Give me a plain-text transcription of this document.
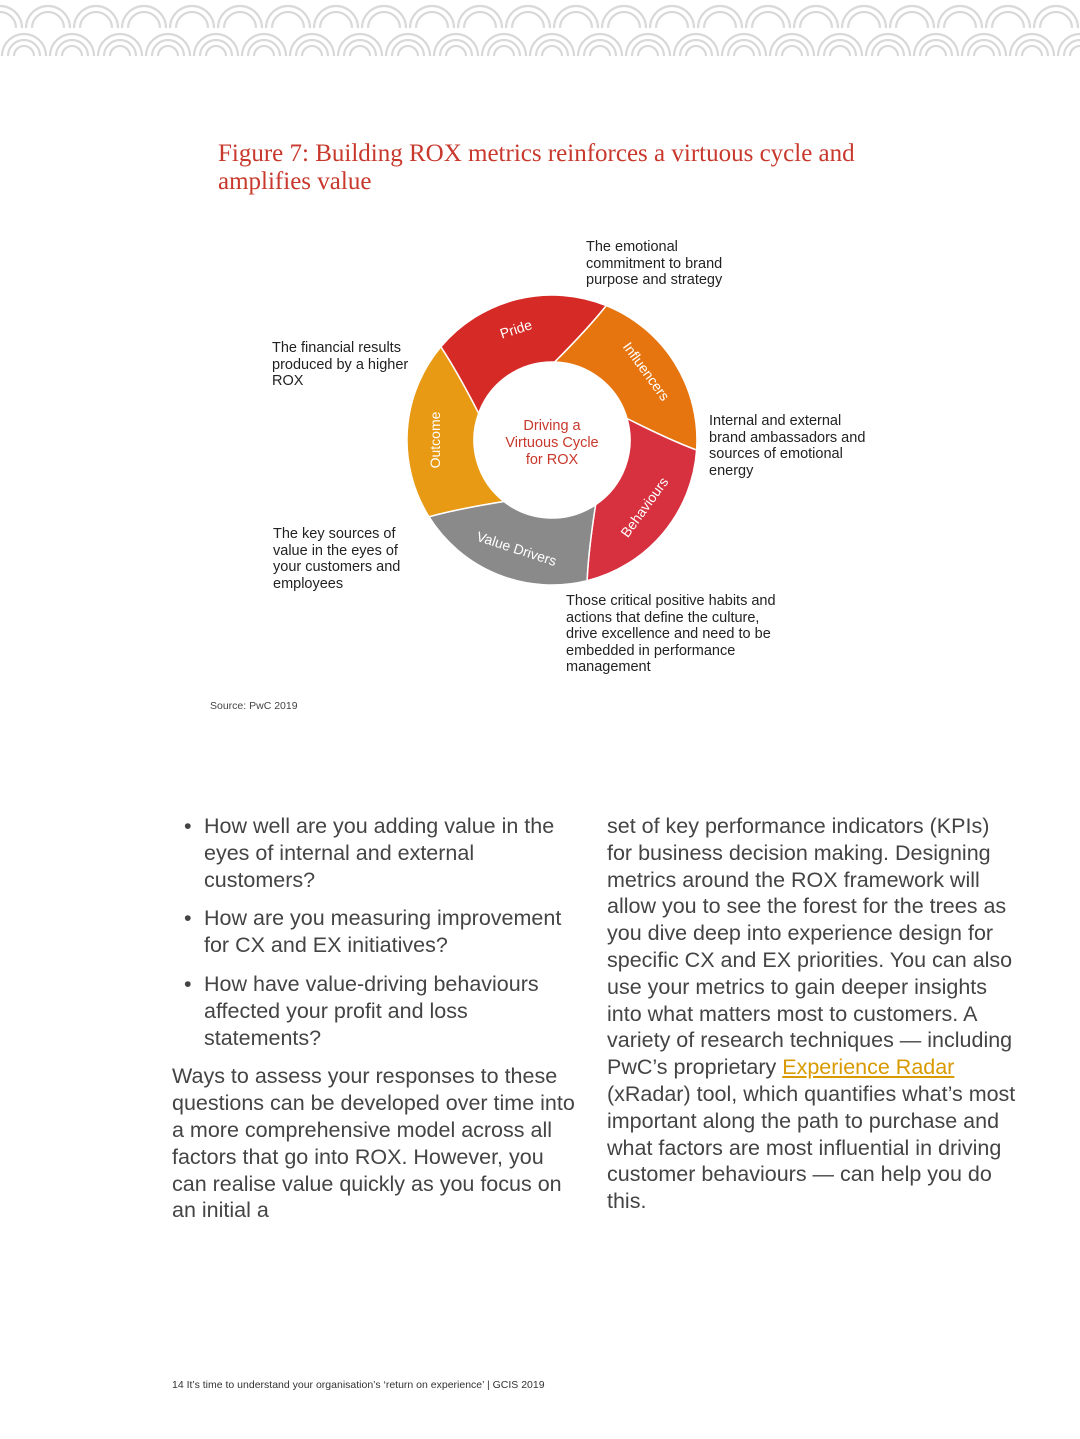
Figure 7: Building ROX metrics reinforces a virtuous cycle and amplifies value
Outcome
Pride
Influencers
Behaviours
Value Drivers
Driving a
Virtuous Cycle
for ROX
The emotional
commitment to brand
purpose and strategy
The financial results
produced by a higher
ROX
Internal and external
brand ambassadors and
sources of emotional
energy
The key sources of
value in the eyes of
your customers and
employees
Those critical positive habits and
actions that define the culture,
drive excellence and need to be
embedded in performance
management
Source: PwC 2019
• How well are you adding value in the eyes of internal and external customers?
• How are you measuring improvement for CX and EX initiatives?
• How have value-driving behaviours affected your profit and loss statements?
Ways to assess your responses to these questions can be developed over time into a more comprehensive model across all factors that go into ROX. However, you can realise value quickly as you focus on an initial a
set of key performance indicators (KPIs) for business decision making. Designing metrics around the ROX framework will allow you to see the forest for the trees as you dive deep into experience design for specific CX and EX priorities. You can also use your metrics to gain deeper insights into what matters most to customers. A variety of research techniques — including PwC’s proprietary Experience Radar (xRadar) tool, which quantifies what’s most important along the path to purchase and what factors are most influential in driving customer behaviours — can help you do this.
14 It’s time to understand your organisation’s ‘return on experience’ | GCIS 2019
